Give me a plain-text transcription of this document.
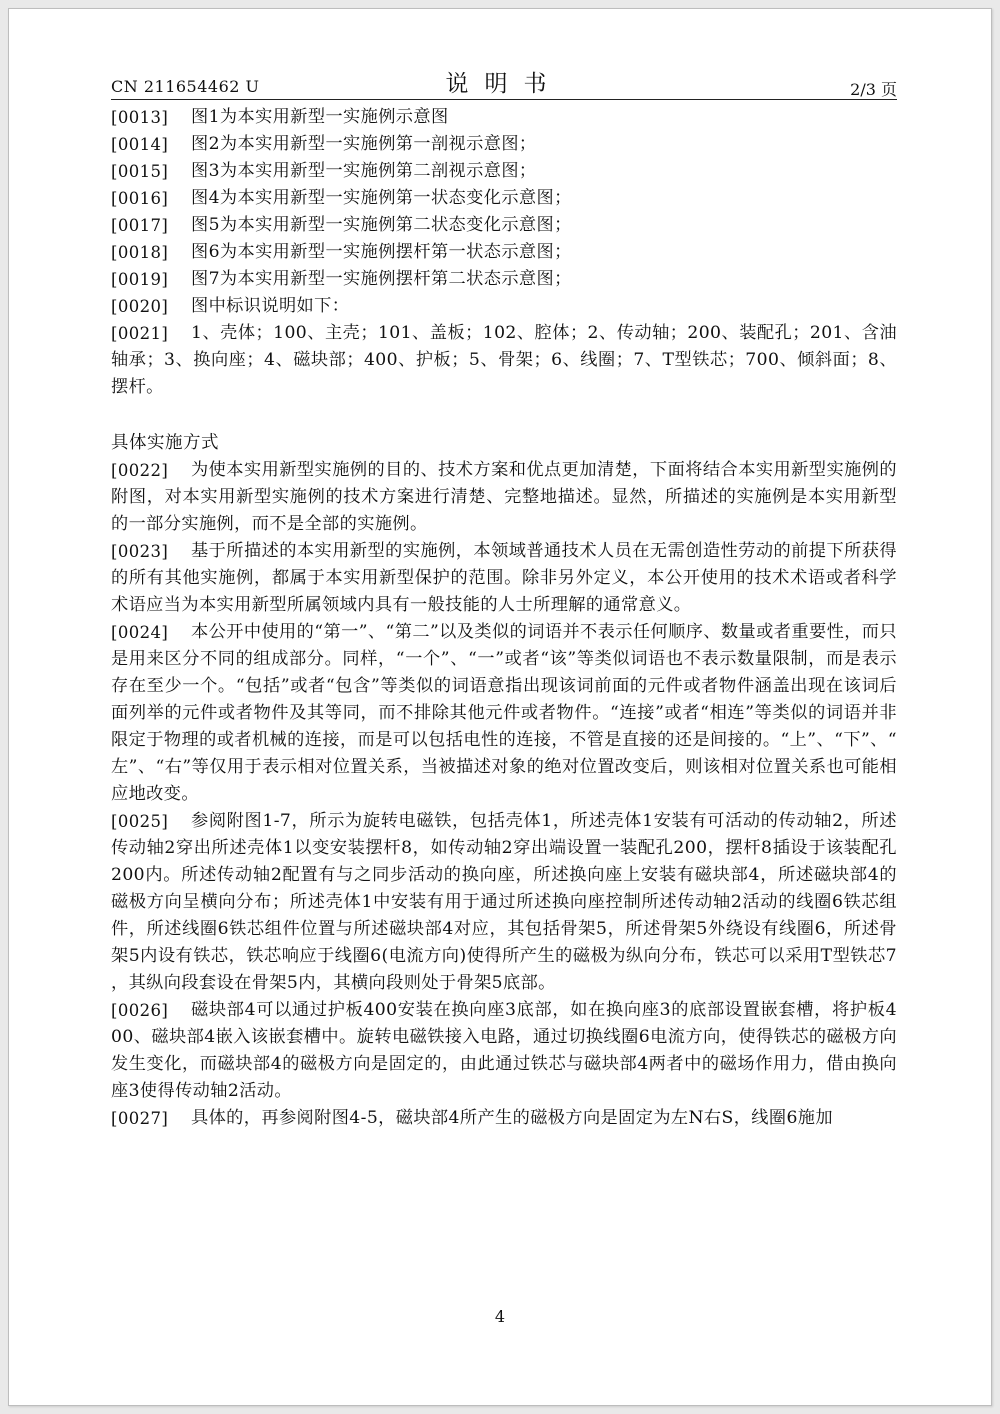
CN 211654462 U	说明书	2/3 页
[0013] 图1为本实用新型一实施例示意图
[0014] 图2为本实用新型一实施例第一剖视示意图；
[0015] 图3为本实用新型一实施例第二剖视示意图；
[0016] 图4为本实用新型一实施例第一状态变化示意图；
[0017] 图5为本实用新型一实施例第二状态变化示意图；
[0018] 图6为本实用新型一实施例摆杆第一状态示意图；
[0019] 图7为本实用新型一实施例摆杆第二状态示意图；
[0020] 图中标识说明如下：
[0021] 1、壳体；100、主壳；101、盖板；102、腔体；2、传动轴；200、装配孔；201、含油轴承；3、换向座；4、磁块部；400、护板；5、骨架；6、线圈；7、T型铁芯；700、倾斜面；8、摆杆。
具体实施方式
[0022] 为使本实用新型实施例的目的、技术方案和优点更加清楚，下面将结合本实用新型实施例的附图，对本实用新型实施例的技术方案进行清楚、完整地描述。显然，所描述的实施例是本实用新型的一部分实施例，而不是全部的实施例。
[0023] 基于所描述的本实用新型的实施例，本领域普通技术人员在无需创造性劳动的前提下所获得的所有其他实施例，都属于本实用新型保护的范围。除非另外定义，本公开使用的技术术语或者科学术语应当为本实用新型所属领域内具有一般技能的人士所理解的通常意义。
[0024] 本公开中使用的“第一”、“第二”以及类似的词语并不表示任何顺序、数量或者重要性，而只是用来区分不同的组成部分。同样，“一个”、“一”或者“该”等类似词语也不表示数量限制，而是表示存在至少一个。“包括”或者“包含”等类似的词语意指出现该词前面的元件或者物件涵盖出现在该词后面列举的元件或者物件及其等同，而不排除其他元件或者物件。“连接”或者“相连”等类似的词语并非限定于物理的或者机械的连接，而是可以包括电性的连接，不管是直接的还是间接的。“上”、“下”、“左”、“右”等仅用于表示相对位置关系，当被描述对象的绝对位置改变后，则该相对位置关系也可能相应地改变。
[0025] 参阅附图1-7，所示为旋转电磁铁，包括壳体1，所述壳体1安装有可活动的传动轴2，所述传动轴2穿出所述壳体1以变安装摆杆8，如传动轴2穿出端设置一装配孔200，摆杆8插设于该装配孔200内。所述传动轴2配置有与之同步活动的换向座，所述换向座上安装有磁块部4，所述磁块部4的磁极方向呈横向分布；所述壳体1中安装有用于通过所述换向座控制所述传动轴2活动的线圈6铁芯组件，所述线圈6铁芯组件位置与所述磁块部4对应，其包括骨架5，所述骨架5外绕设有线圈6，所述骨架5内设有铁芯，铁芯响应于线圈6(电流方向)使得所产生的磁极为纵向分布，铁芯可以采用T型铁芯7，其纵向段套设在骨架5内，其横向段则处于骨架5底部。
[0026] 磁块部4可以通过护板400安装在换向座3底部，如在换向座3的底部设置嵌套槽，将护板400、磁块部4嵌入该嵌套槽中。旋转电磁铁接入电路，通过切换线圈6电流方向，使得铁芯的磁极方向发生变化，而磁块部4的磁极方向是固定的，由此通过铁芯与磁块部4两者中的磁场作用力，借由换向座3使得传动轴2活动。
[0027] 具体的，再参阅附图4-5，磁块部4所产生的磁极方向是固定为左N右S，线圈6施加
4
